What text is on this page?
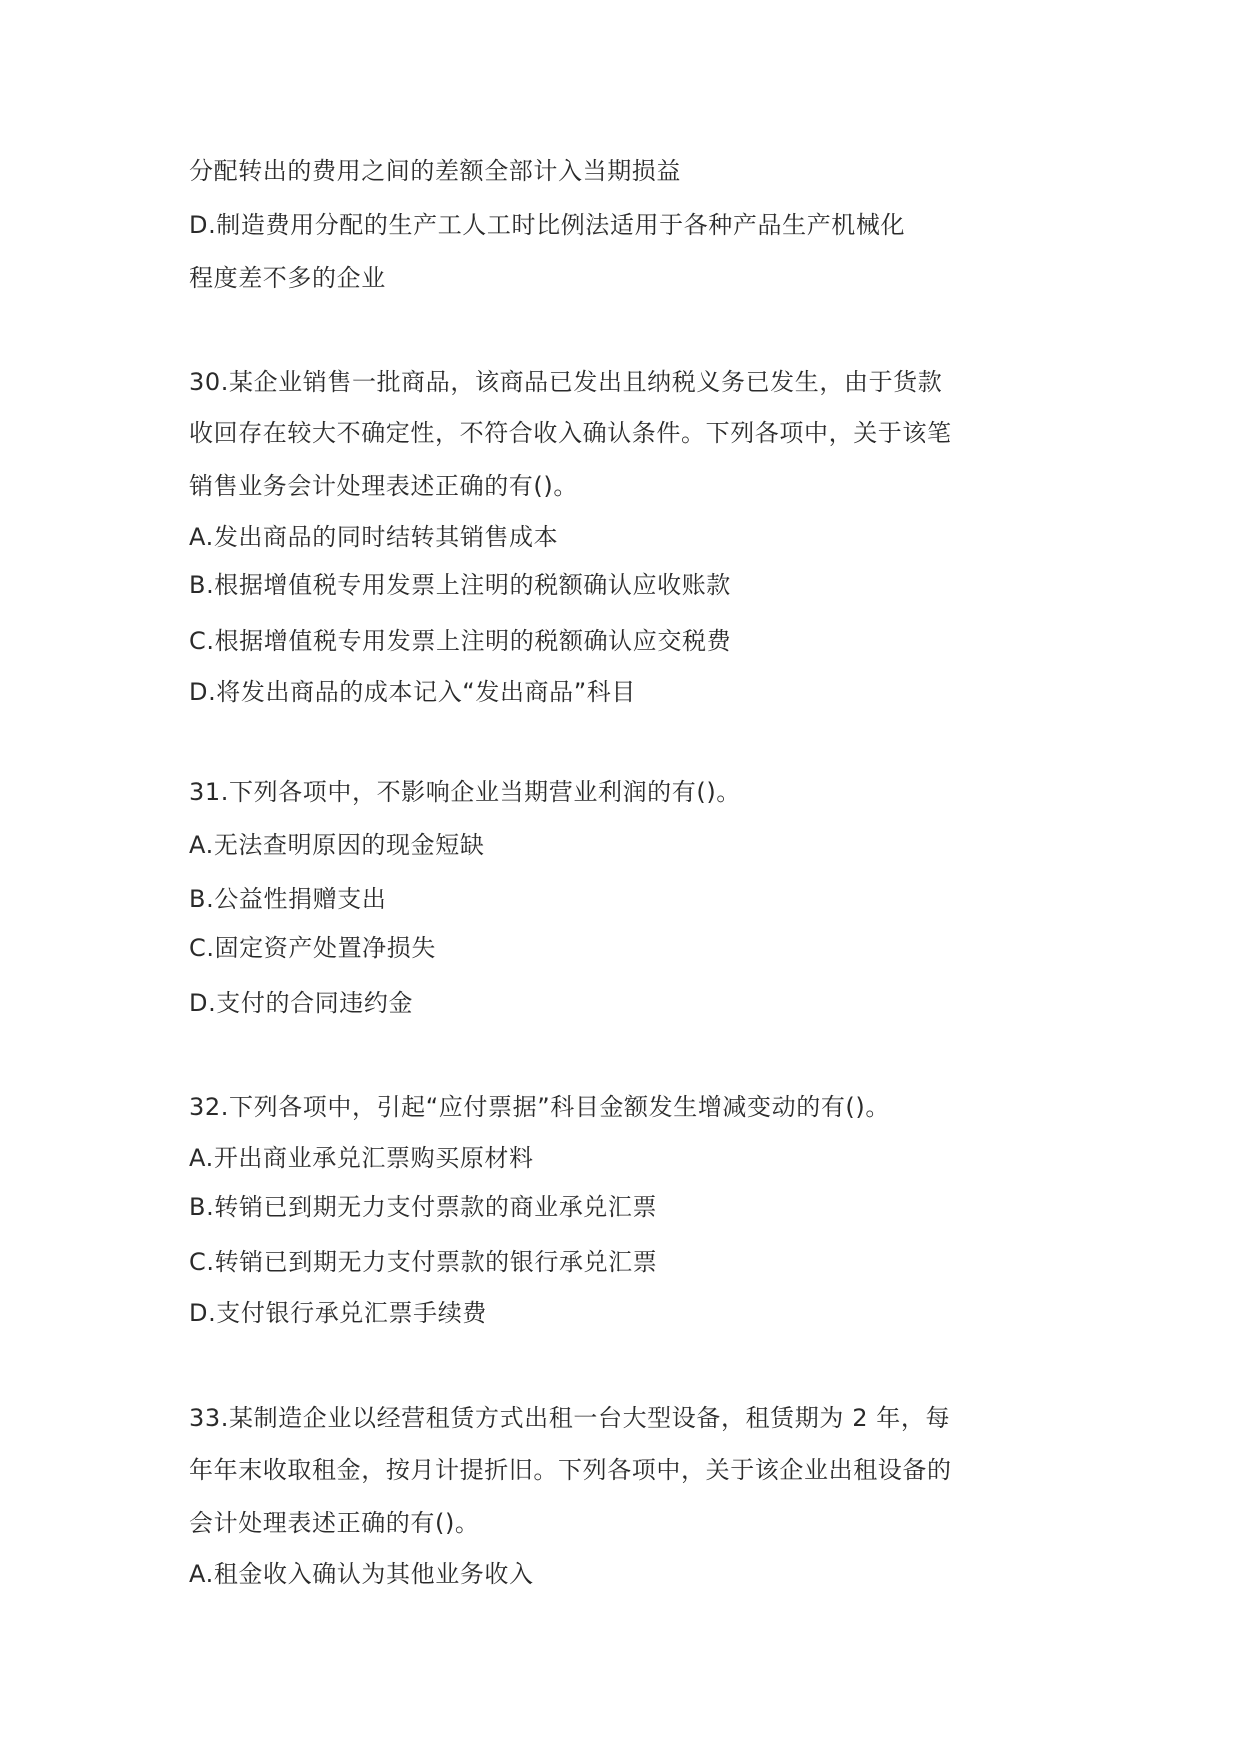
分配转出的费用之间的差额全部计入当期损益
D.制造费用分配的生产工人工时比例法适用于各种产品生产机械化
程度差不多的企业
30.某企业销售一批商品，该商品已发出且纳税义务已发生，由于货款
收回存在较大不确定性，不符合收入确认条件。下列各项中，关于该笔
销售业务会计处理表述正确的有()。
A.发出商品的同时结转其销售成本
B.根据增值税专用发票上注明的税额确认应收账款
C.根据增值税专用发票上注明的税额确认应交税费
D.将发出商品的成本记入“发出商品”科目
31.下列各项中，不影响企业当期营业利润的有()。
A.无法查明原因的现金短缺
B.公益性捐赠支出
C.固定资产处置净损失
D.支付的合同违约金
32.下列各项中，引起“应付票据”科目金额发生增减变动的有()。
A.开出商业承兑汇票购买原材料
B.转销已到期无力支付票款的商业承兑汇票
C.转销已到期无力支付票款的银行承兑汇票
D.支付银行承兑汇票手续费
33.某制造企业以经营租赁方式出租一台大型设备，租赁期为 2 年，每
年年末收取租金，按月计提折旧。下列各项中，关于该企业出租设备的
会计处理表述正确的有()。
A.租金收入确认为其他业务收入
